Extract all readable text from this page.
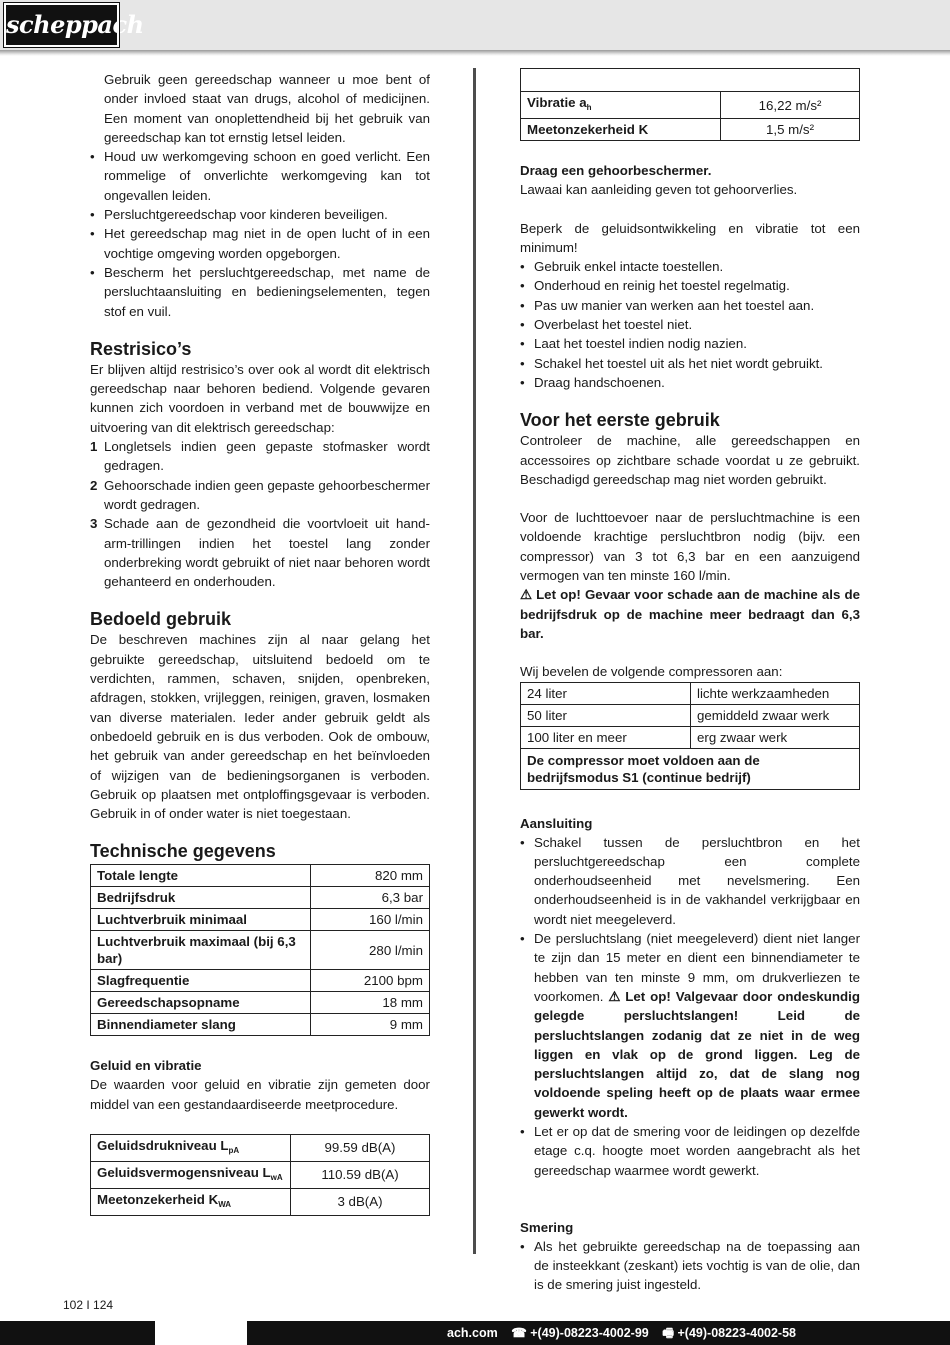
scheppach

Gebruik geen gereedschap wanneer u moe bent of onder invloed staat van drugs, alcohol of medicijnen. Een moment van onoplettendheid bij het gebruik van gereedschap kan tot ernstig letsel leiden.

• Houd uw werkomgeving schoon en goed verlicht. Een rommelige of onverlichte werkomgeving kan tot ongevallen leiden.
• Persluchtgereedschap voor kinderen beveiligen.
• Het gereedschap mag niet in de open lucht of in een vochtige omgeving worden opgeborgen.
• Bescherm het persluchtgereedschap, met name de persluchtaansluiting en bedieningselementen, tegen stof en vuil.
Restrisico’s

Er blijven altijd restrisico’s over ook al wordt dit elektrisch gereedschap naar behoren bediend. Volgende gevaren kunnen zich voordoen in verband met de bouwwijze en uitvoering van dit elektrisch gereedschap:

1 Longletsels indien geen gepaste stofmasker wordt gedragen.
2 Gehoorschade indien geen gepaste gehoorbeschermer wordt gedragen.
3 Schade aan de gezondheid die voortvloeit uit hand-arm-trillingen indien het toestel lang zonder onderbreking wordt gebruikt of niet naar behoren wordt gehanteerd en onderhouden.
Bedoeld gebruik

De beschreven machines zijn al naar gelang het gebruikte gereedschap, uitsluitend bedoeld om te verdichten, rammen, schaven, snijden, openbreken, afdragen, stokken, vrijleggen, reinigen, graven, losmaken van diverse materialen. Ieder ander gebruik geldt als onbedoeld gebruik en is dus verboden. Ook de ombouw, het gebruik van ander gereedschap en het beïnvloeden of wijzigen van de bedieningsorganen is verboden. Gebruik op plaatsen met ontploffingsgevaar is verboden. Gebruik in of onder water is niet toegestaan.

Technische gegevens
Totale lengte	820 mm
Bedrijfsdruk	6,3 bar
Luchtverbruik minimaal	160 l/min
Luchtverbruik maximaal (bij 6,3 bar)	280 l/min
Slagfrequentie	2100 bpm
Gereedschapsopname	18 mm
Binnendiameter slang	9 mm
Geluid en vibratie

De waarden voor geluid en vibratie zijn gemeten door middel van een gestandaardiseerde meetprocedure.

Geluidsdrukniveau $L_{pA}$	99.59 dB(A)
Geluidsvermogensniveau $L_{wA}$	110.59 dB(A)
Meetonzekerheid $K_{WA}$	3 dB(A)

Vibratie $a_h$	16,22 m/s²
Meetonzekerheid K	1,5 m/s²

Draag een gehoorbeschermer.

Lawaai kan aanleiding geven tot gehoorverlies.

Beperk de geluidsontwikkeling en vibratie tot een minimum!

• Gebruik enkel intacte toestellen.
• Onderhoud en reinig het toestel regelmatig.
• Pas uw manier van werken aan het toestel aan.
• Overbelast het toestel niet.
• Laat het toestel indien nodig nazien.
• Schakel het toestel uit als het niet wordt gebruikt.
• Draag handschoenen.
Voor het eerste gebruik

Controleer de machine, alle gereedschappen en accessoires op zichtbare schade voordat u ze gebruikt. Beschadigd gereedschap mag niet worden gebruikt.

Voor de luchttoevoer naar de persluchtmachine is een voldoende krachtige persluchtbron nodig (bijv. een compressor) van 3 tot 6,3 bar en een aanzuigend vermogen van ten minste 160 l/min.

⚠ Let op! Gevaar voor schade aan de machine als de bedrijfsdruk op de machine meer bedraagt dan 6,3 bar.

Wij bevelen de volgende compressoren aan:

24 liter	lichte werkzaamheden
50 liter	gemiddeld zwaar werk
100 liter en meer	erg zwaar werk
De compressor moet voldoen aan de bedrijfsmodus S1 (continue bedrijf)	
Aansluiting
• Schakel tussen de persluchtbron en het persluchtgereedschap een complete onderhoudseenheid met nevelsmering. Een onderhoudseenheid is in de vakhandel verkrijgbaar en wordt niet meegeleverd.
• De persluchtslang (niet meegeleverd) dient niet langer te zijn dan 15 meter en dient een binnendiameter te hebben van ten minste 9 mm, om drukverliezen te voorkomen. ⚠ Let op! Valgevaar door ondeskundig gelegde persluchtslangen! Leid de persluchtslangen zodanig dat ze niet in de weg liggen en vlak op de grond liggen. Leg de persluchtslangen altijd zo, dat de slang nog voldoende speling heeft op de plaats waar ermee gewerkt wordt.
• Let er op dat de smering voor de leidingen op dezelfde etage c.q. hoogte moet worden aangebracht als het gereedschap waarmee wordt gewerkt.
Smering
• Als het gebruikte gereedschap na de toepassing aan de insteekkant (zeskant) iets vochtig is van de olie, dan is de smering juist ingesteld.
102 I 124
ach.com ☎ +(49)-08223-4002-99 🖷 +(49)-08223-4002-58
